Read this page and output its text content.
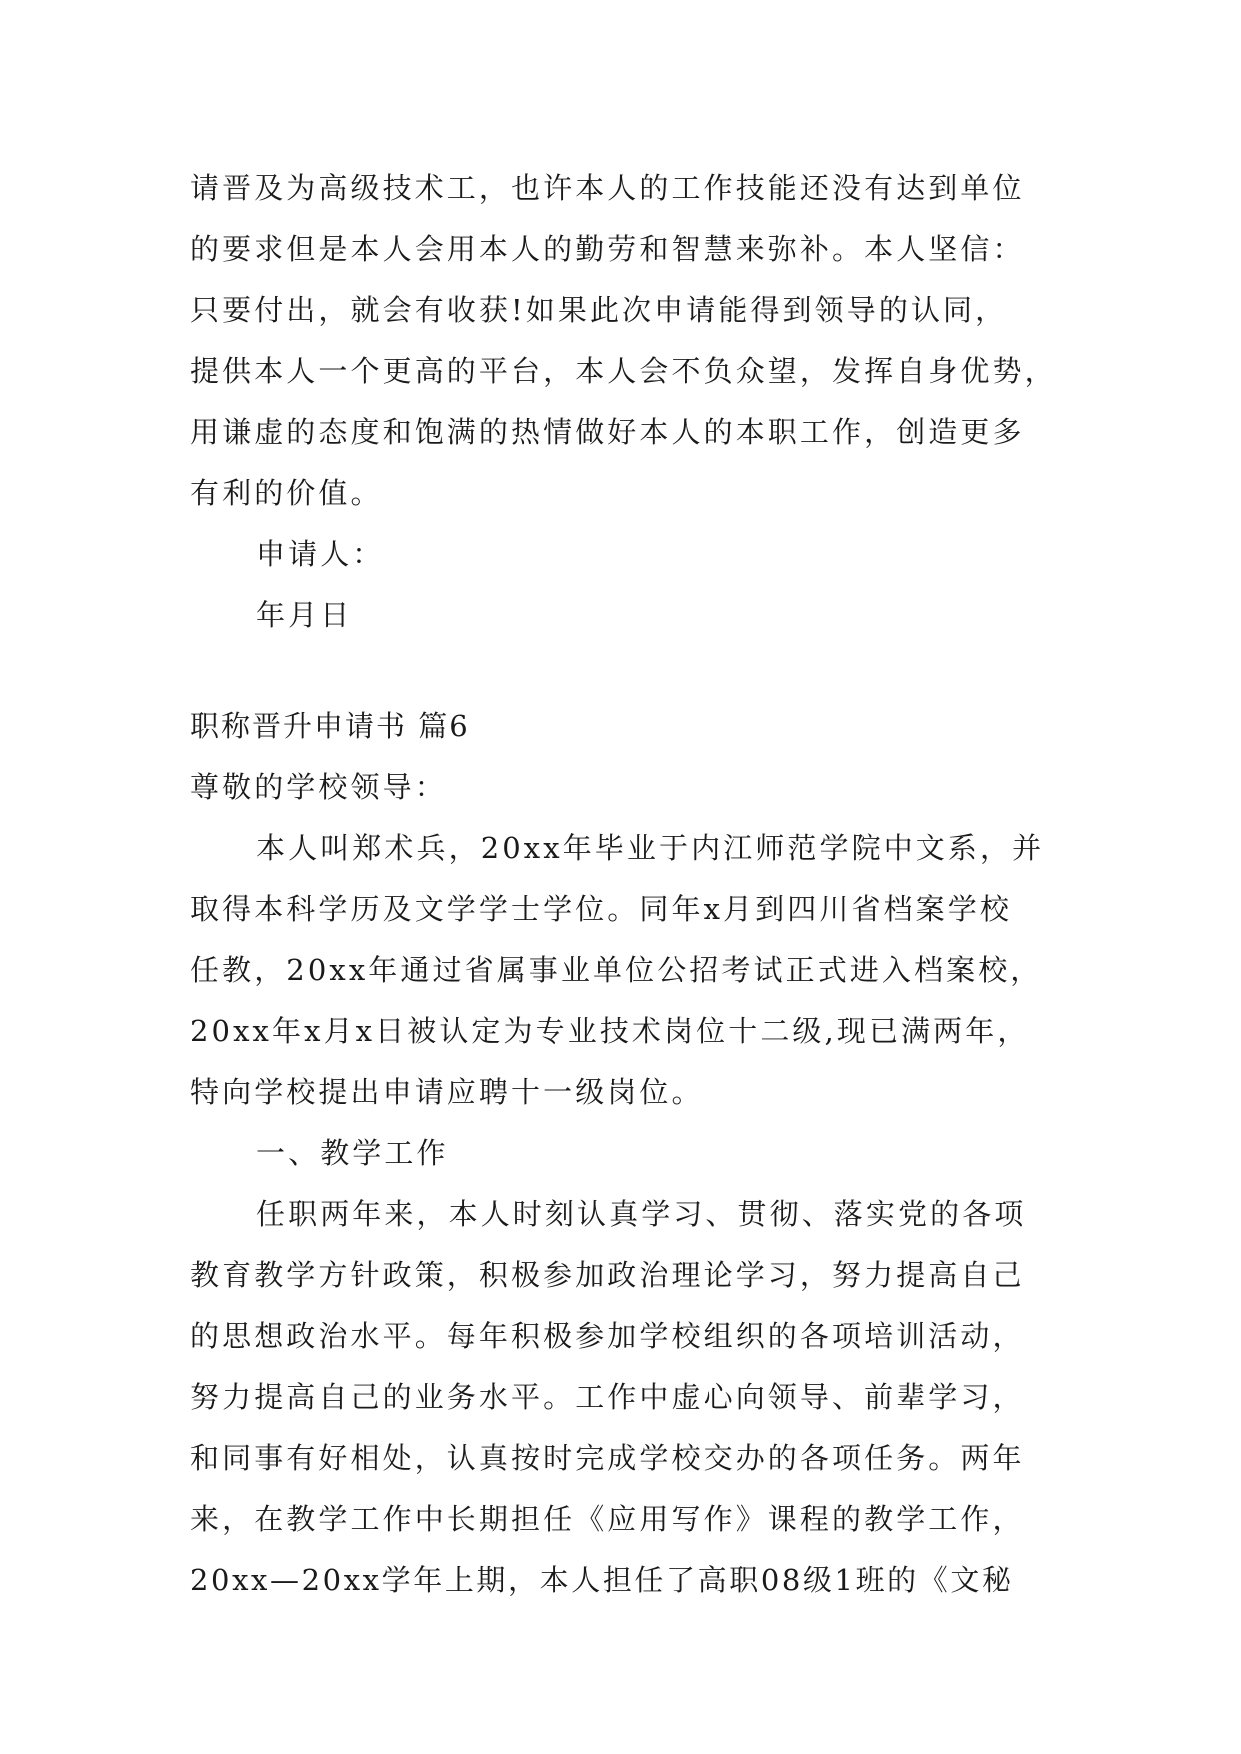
请晋及为高级技术工，也许本人的工作技能还没有达到单位
的要求但是本人会用本人的勤劳和智慧来弥补。本人坚信：
只要付出，就会有收获!如果此次申请能得到领导的认同，
提供本人一个更高的平台，本人会不负众望，发挥自身优势，
用谦虚的态度和饱满的热情做好本人的本职工作，创造更多
有利的价值。
申请人：
年月日
职称晋升申请书 篇6
尊敬的学校领导：
本人叫郑术兵，20xx年毕业于内江师范学院中文系，并
取得本科学历及文学学士学位。同年x月到四川省档案学校
任教，20xx年通过省属事业单位公招考试正式进入档案校，
20xx年x月x日被认定为专业技术岗位十二级,现已满两年，
特向学校提出申请应聘十一级岗位。
一、教学工作
任职两年来，本人时刻认真学习、贯彻、落实党的各项
教育教学方针政策，积极参加政治理论学习，努力提高自己
的思想政治水平。每年积极参加学校组织的各项培训活动，
努力提高自己的业务水平。工作中虚心向领导、前辈学习，
和同事有好相处，认真按时完成学校交办的各项任务。两年
来，在教学工作中长期担任《应用写作》课程的教学工作，
20xx—20xx学年上期，本人担任了高职08级1班的《文秘
